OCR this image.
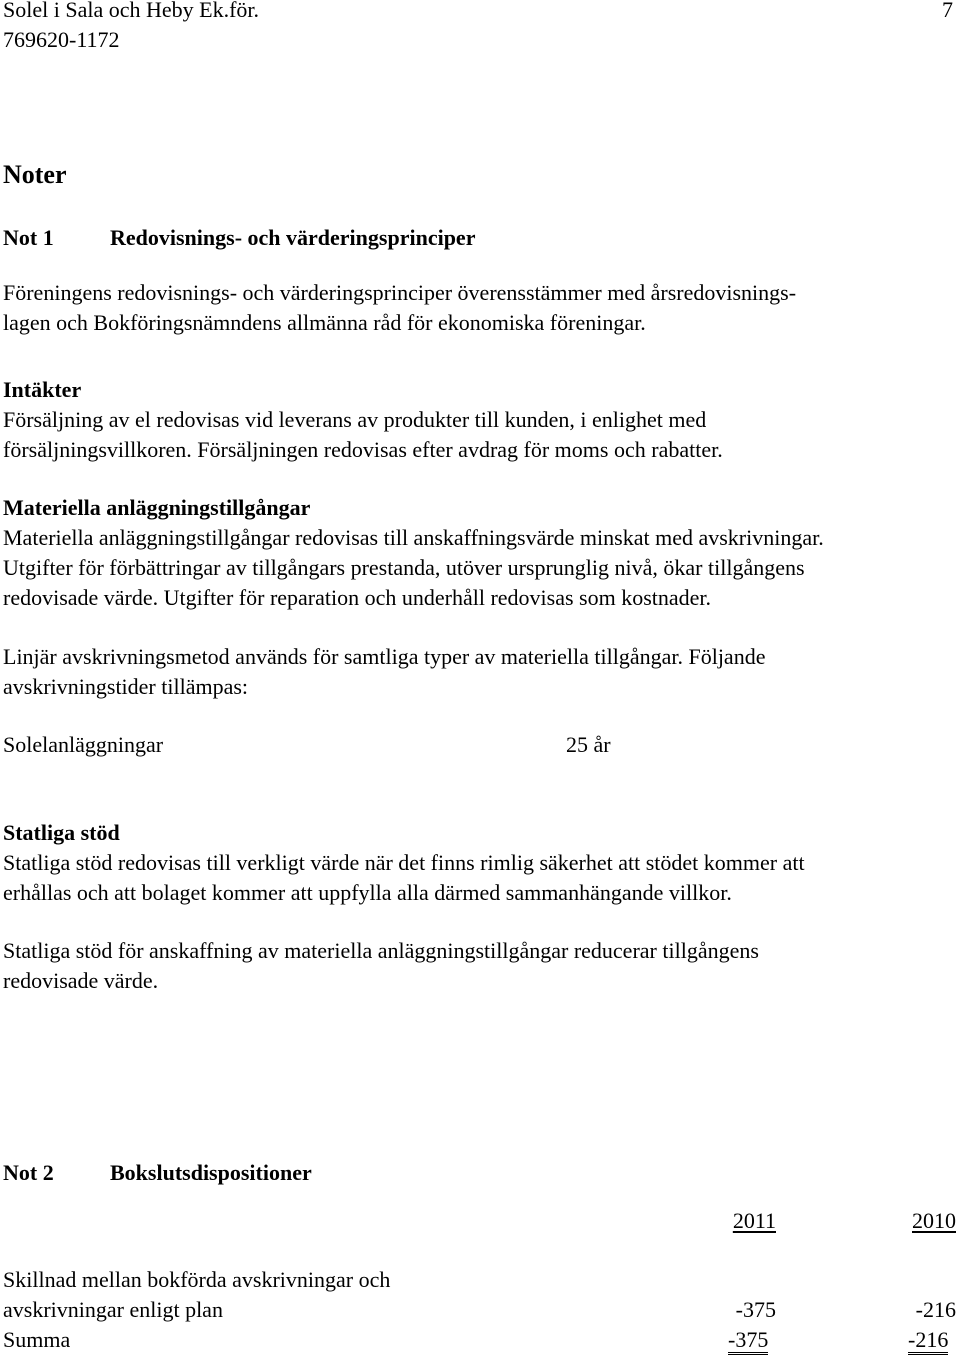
Solel i Sala och Heby Ek.för.
769620-1172
7
Noter
Not 1	Redovisnings- och värderingsprinciper
Föreningens redovisnings- och värderingsprinciper överensstämmer med årsredovisnings-
lagen och Bokföringsnämndens allmänna råd för ekonomiska föreningar.
Intäkter
Försäljning av el redovisas vid leverans av produkter till kunden, i enlighet med
försäljningsvillkoren. Försäljningen redovisas efter avdrag för moms och rabatter.
Materiella anläggningstillgångar
Materiella anläggningstillgångar redovisas till anskaffningsvärde minskat med avskrivningar.
Utgifter för förbättringar av tillgångars prestanda, utöver ursprunglig nivå, ökar tillgångens
redovisade värde. Utgifter för reparation och underhåll redovisas som kostnader.
Linjär avskrivningsmetod används för samtliga typer av materiella tillgångar. Följande
avskrivningstider tillämpas:
Solelanläggningar	25 år
Statliga stöd
Statliga stöd redovisas till verkligt värde när det finns rimlig säkerhet att stödet kommer att
erhållas och att bolaget kommer att uppfylla alla därmed sammanhängande villkor.
Statliga stöd för anskaffning av materiella anläggningstillgångar reducerar tillgångens
redovisade värde.
Not 2	Bokslutsdispositioner
2011	2010
Skillnad mellan bokförda avskrivningar och
avskrivningar enligt plan	-375	-216
Summa	-375	-216
